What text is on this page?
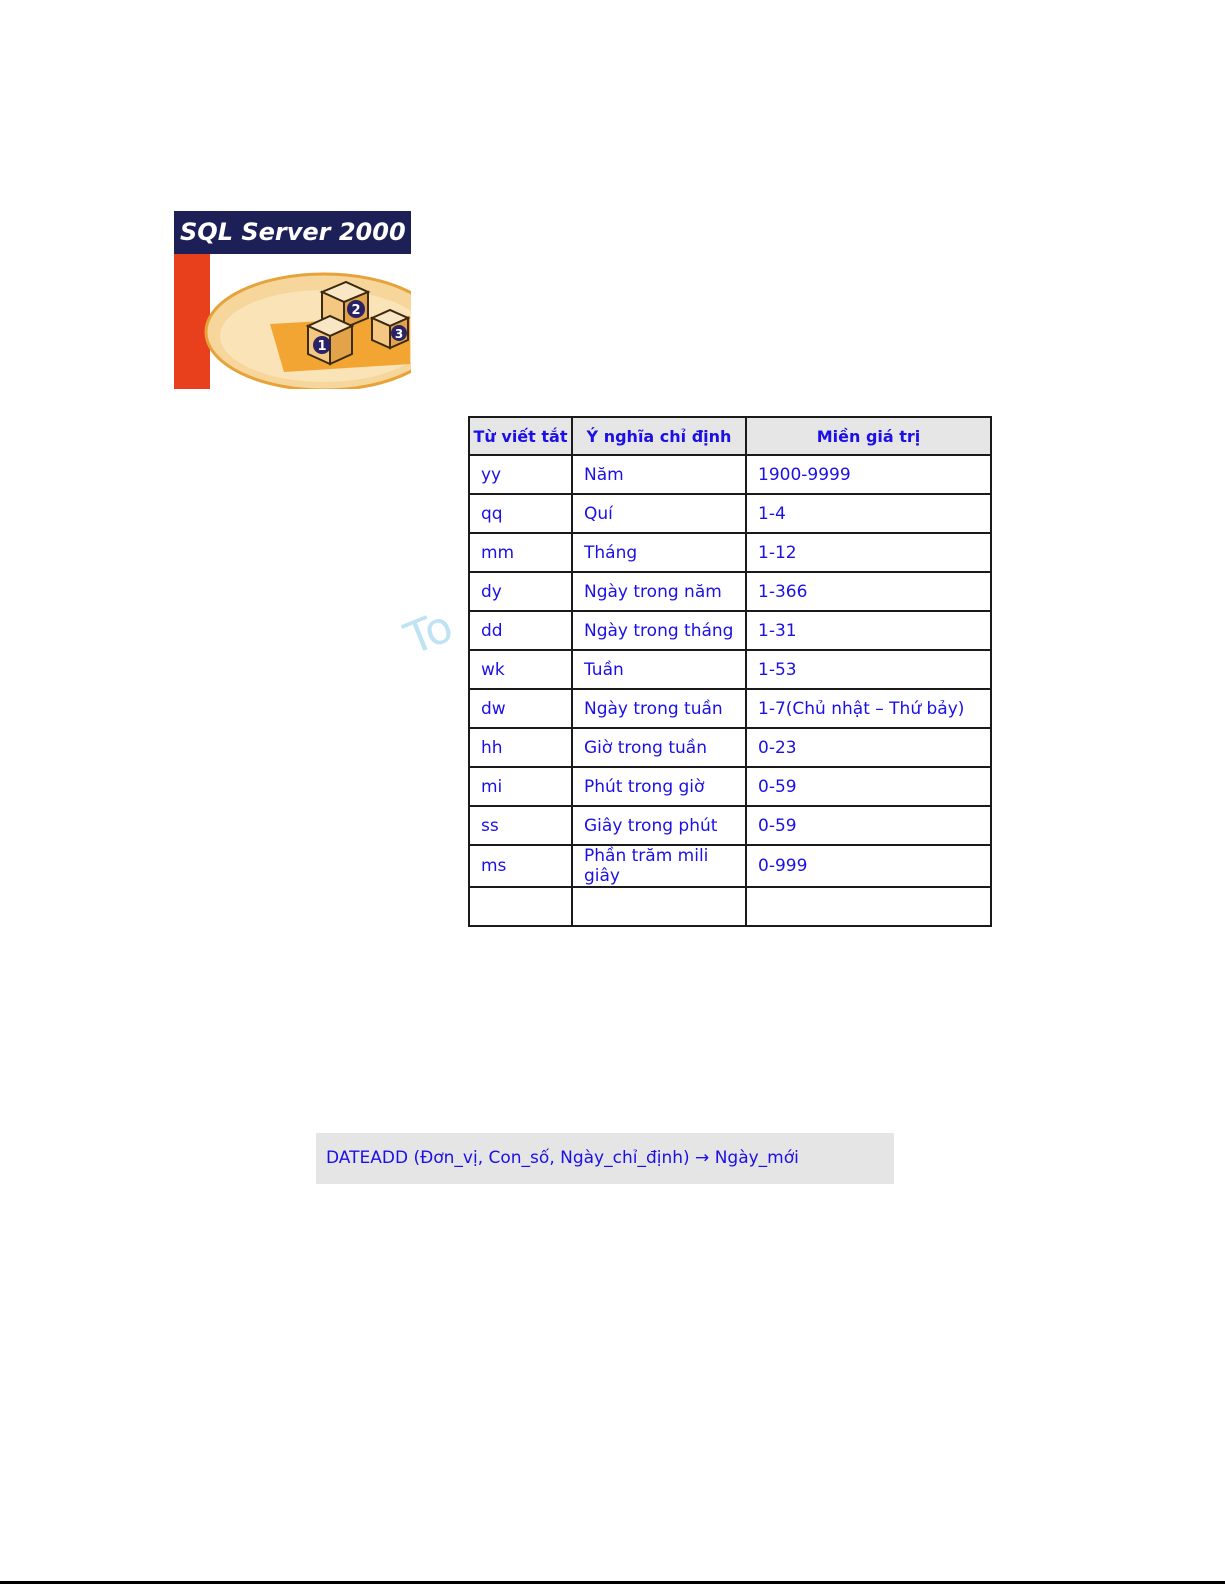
SQL Server 2000
2
3
1
To
Từ viết tắt	Ý nghĩa chỉ định	Miền giá trị
yy	Năm	1900-9999
qq	Quí	1-4
mm	Tháng	1-12
dy	Ngày trong năm	1-366
dd	Ngày trong tháng	1-31
wk	Tuần	1-53
dw	Ngày trong tuần	1-7(Chủ nhật – Thứ bảy)
hh	Giờ trong tuần	0-23
mi	Phút trong giờ	0-59
ss	Giây trong phút	0-59
ms	Phần trăm mili giây	0-999

DATEADD (Đơn_vị, Con_số, Ngày_chỉ_định) → Ngày_mới
